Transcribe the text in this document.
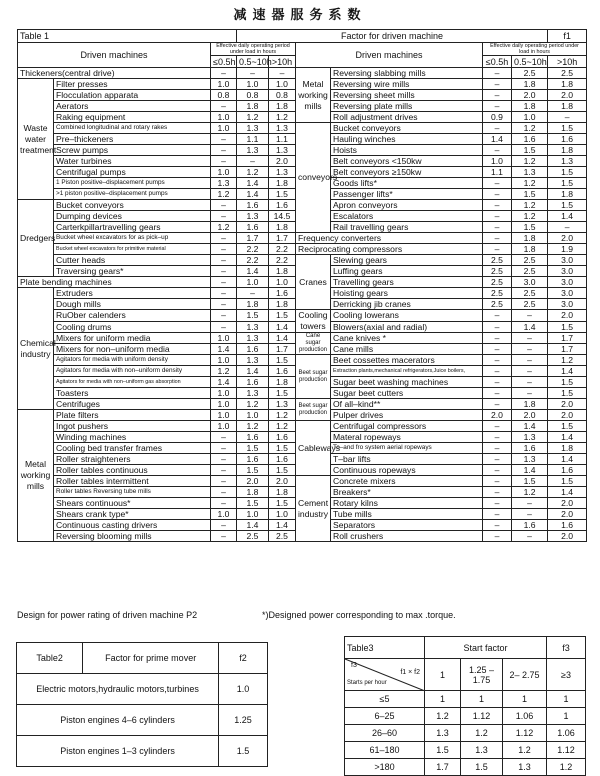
减速器服务系数
Table 1			Factor for driven machine						f1
Driven machines		Effective daily operating period under load in hours			Driven machines		Effective daily operating period under load in hours		
		≤0.5h	0.5~10h	>10h			≤0.5h	0.5~10h	>10h
Thickeners(central drive)		–	–	–	Metal working mills	Reversing slabbing mills	–	2.5	2.5
Waste water treatment	Filter presses	1.0	1.0	1.0		Reversing wire mills	–	1.8	1.8
	Flocculation apparata	0.8	0.8	0.8		Reversing sheet mills	–	2.0	2.0
	Aerators	–	1.8	1.8		Reversing plate mills	–	1.8	1.8
	Raking equipment	1.0	1.2	1.2		Roll adjustment drives	0.9	1.0	–
	Combined longitudinal and rotary rakes	1.0	1.3	1.3	conveyors	Bucket conveyors	–	1.2	1.5
	Pre–thickeners	–	1.1	1.1		Hauling winches	1.4	1.6	1.6
	Screw pumps	–	1.3	1.3		Hoists	–	1.5	1.8
	Water turbines	–	–	2.0		Belt conveyors <150kw	1.0	1.2	1.3
	Centrifugal pumps	1.0	1.2	1.3		Belt conveyors ≥150kw	1.1	1.3	1.5
	1 Piston positive–displacement pumps	1.3	1.4	1.8		Goods lifts*	–	1.2	1.5
	>1 piston positive–displacement pumps	1.2	1.4	1.5		Passenger lifts*	–	1.5	1.8
Dredgers	Bucket conveyors	–	1.6	1.6		Apron conveyors	–	1.2	1.5
	Dumping devices	–	1.3	14.5		Escalators	–	1.2	1.4
	Carterkpillartravelling gears	1.2	1.6	1.8		Rail travelling gears	–	1.5	–
	Bucket wheel excavators for as pick–up	–	1.7	1.7	Frequency converters		–	1.8	2.0
	Bucket wheel excavators for primitive material	–	2.2	2.2	Reciprocating compressors		–	1.8	1.9
	Cutter heads	–	2.2	2.2	Cranes	Slewing gears	2.5	2.5	3.0
	Traversing gears*	–	1.4	1.8		Luffing gears	2.5	2.5	3.0
Plate bending machines		–	1.0	1.0		Travelling gears	2.5	3.0	3.0
Chemical industry	Extruders	–	–	1.6		Hoisting gears	2.5	2.5	3.0
	Dough mills	–	1.8	1.8		Derricking jib cranes	2.5	2.5	3.0
	RuOber calenders	–	1.5	1.5	Cooling towers	Cooling lowerans	–	–	2.0
	Cooling drums	–	1.3	1.4		Blowers(axial and radial)	–	1.4	1.5
	Mixers for uniform media	1.0	1.3	1.4	Cane sugar production	Cane knives *	–	–	1.7
	Mixers for non–uniform media	1.4	1.6	1.7		Cane mills	–	–	1.7
	Agitators for media with uniform density	1.0	1.3	1.5	Beet sugar production	Beet cossettes macerators	–	–	1.2
	Agitators for media with non–uniform density	1.2	1.4	1.6		Extraction plants,mechanical refrigerators,Juice boilers,	–	–	1.4
	Agitators for media with non–uniform gas absorption	1.4	1.6	1.8		Sugar beet washing machines	–	–	1.5
	Toasters	1.0	1.3	1.5		Sugar beet cutters	–	–	1.5
	Centrifuges	1.0	1.2	1.3	Beet sugar production	Of all–kind**	–	1.8	2.0
Metal working mills	Plate filters	1.0	1.0	1.2		Pulper drives	2.0	2.0	2.0
	Ingot pushers	1.0	1.2	1.2	Cableways	Centrifugal compressors	–	1.4	1.5
	Winding machines	–	1.6	1.6		Materal ropeways	–	1.3	1.4
	Cooling bed transfer frames	–	1.5	1.5		To–and fro system aerial ropeways	–	1.6	1.8
	Roller straighteners	–	1.6	1.6		T–bar lifts	–	1.3	1.4
	Roller tables continuous	–	1.5	1.5		Continuous ropeways	–	1.4	1.6
	Roller tables intermittent	–	2.0	2.0	Cement industry	Concrete mixers	–	1.5	1.5
	Roller tables Reversing tube mills	–	1.8	1.8		Breakers*	–	1.2	1.4
	Shears continuous*	–	1.5	1.5		Rotary kilns	–	–	2.0
	Shears crank type*	1.0	1.0	1.0		Tube mills	–	–	2.0
	Continuous casting drivers	–	1.4	1.4		Separators	–	1.6	1.6
	Reversing blooming mills	–	2.5	2.5		Roll crushers	–	–	2.0
Design for power rating of driven machine P2	*)Designed power corresponding to max .torque.
Table2	Factor for prime mover	f2
Electric motors,hydraulic motors,turbines		1.0
Piston engines 4–6 cylinders		1.25
Piston engines 1–3 cylinders		1.5
Table3	Start factor			f3

f3
f1 × f2
Starts per hour	1	1.25 –1.75	2– 2.75	≥3
≤5	1	1	1	1
6–25	1.2	1.12	1.06	1
26–60	1.3	1.2	1.12	1.06
61–180	1.5	1.3	1.2	1.12
>180	1.7	1.5	1.3	1.2
